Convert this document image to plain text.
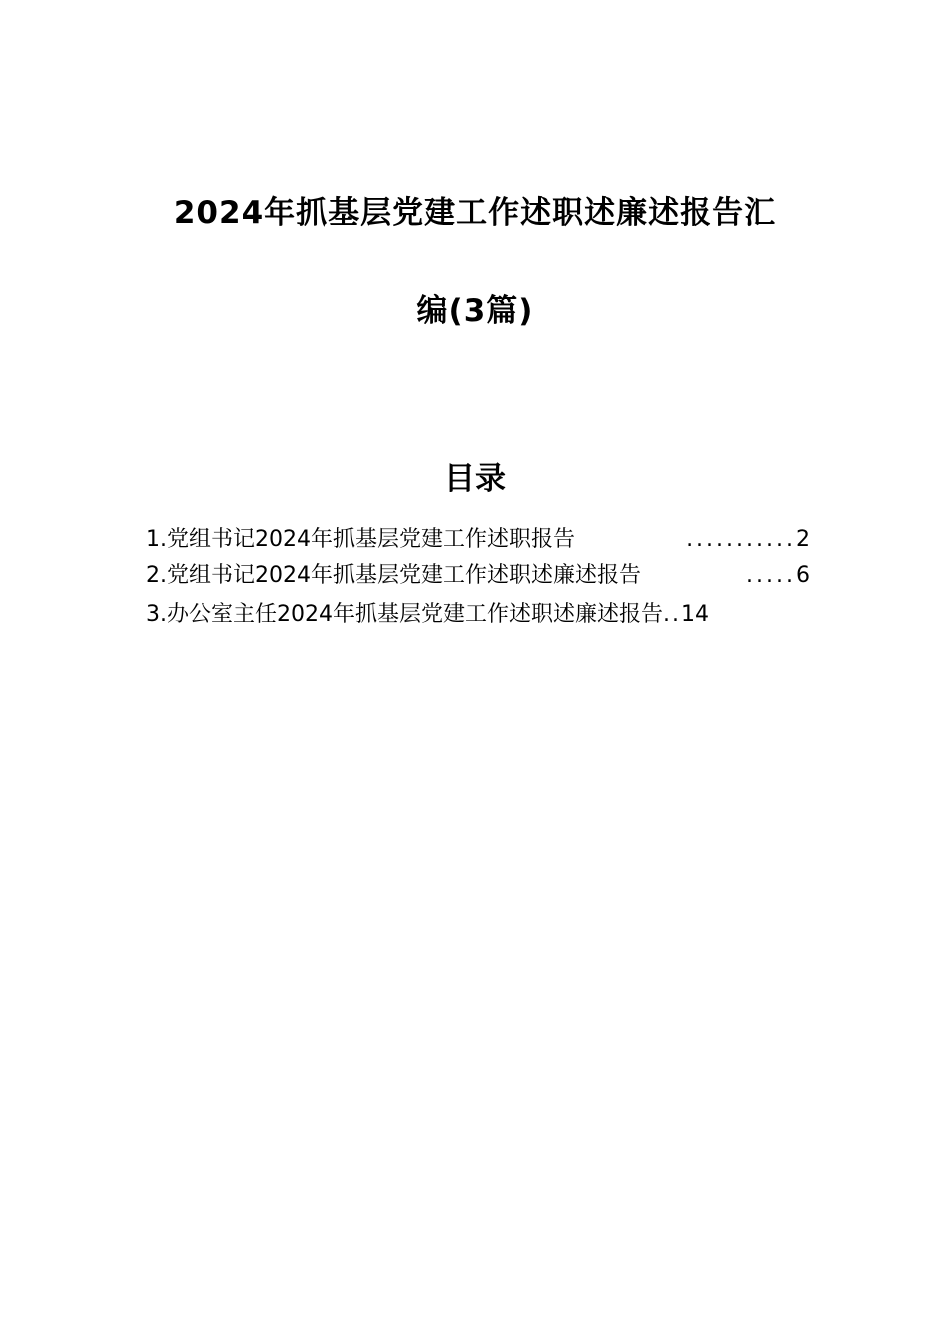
2024年抓基层党建工作述职述廉述报告汇
编(3篇)
目录
1.党组书记2024年抓基层党建工作述职报告	........... 2
2.党组书记2024年抓基层党建工作述职述廉述报告	..... 6
3.办公室主任2024年抓基层党建工作述职述廉述报告..14
